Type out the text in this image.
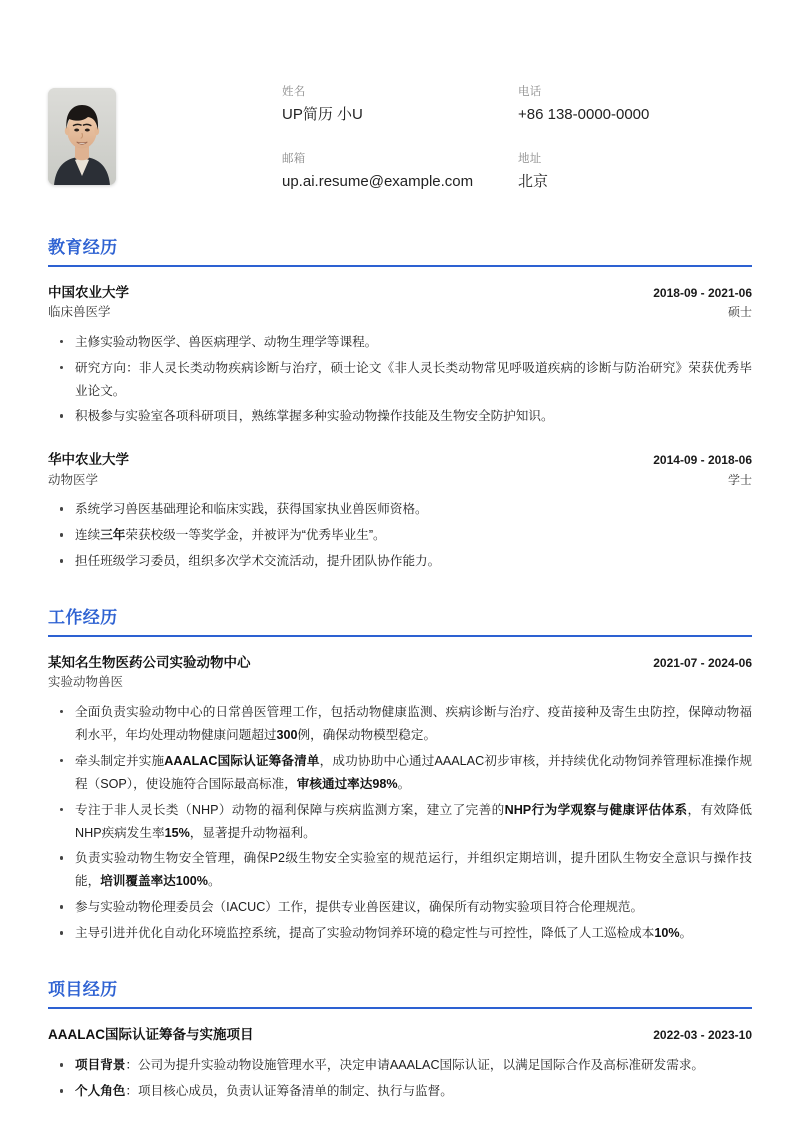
姓名
UP简历 小U
电话
+86 138-0000-0000
邮箱
up.ai.resume@example.com
地址
北京
教育经历
中国农业大学	2018-09 - 2021-06
临床兽医学	硕士
主修实验动物医学、兽医病理学、动物生理学等课程。
研究方向：非人灵长类动物疾病诊断与治疗，硕士论文《非人灵长类动物常见呼吸道疾病的诊断与防治研究》荣获优秀毕业论文。
积极参与实验室各项科研项目，熟练掌握多种实验动物操作技能及生物安全防护知识。
华中农业大学	2014-09 - 2018-06
动物医学	学士
系统学习兽医基础理论和临床实践，获得国家执业兽医师资格。
连续三年荣获校级一等奖学金，并被评为“优秀毕业生”。
担任班级学习委员，组织多次学术交流活动，提升团队协作能力。
工作经历
某知名生物医药公司实验动物中心	2021-07 - 2024-06
实验动物兽医
全面负责实验动物中心的日常兽医管理工作，包括动物健康监测、疾病诊断与治疗、疫苗接种及寄生虫防控，保障动物福利水平，年均处理动物健康问题超过300例，确保动物模型稳定。
牵头制定并实施AAALAC国际认证筹备清单，成功协助中心通过AAALAC初步审核，并持续优化动物饲养管理标准操作规程（SOP），使设施符合国际最高标准，审核通过率达98%。
专注于非人灵长类（NHP）动物的福利保障与疾病监测方案，建立了完善的NHP行为学观察与健康评估体系，有效降低NHP疾病发生率15%，显著提升动物福利。
负责实验动物生物安全管理，确保P2级生物安全实验室的规范运行，并组织定期培训，提升团队生物安全意识与操作技能，培训覆盖率达100%。
参与实验动物伦理委员会（IACUC）工作，提供专业兽医建议，确保所有动物实验项目符合伦理规范。
主导引进并优化自动化环境监控系统，提高了实验动物饲养环境的稳定性与可控性，降低了人工巡检成本10%。
项目经历
AAALAC国际认证筹备与实施项目	2022-03 - 2023-10
项目背景：公司为提升实验动物设施管理水平，决定申请AAALAC国际认证，以满足国际合作及高标准研发需求。
个人角色：项目核心成员，负责认证筹备清单的制定、执行与监督。
